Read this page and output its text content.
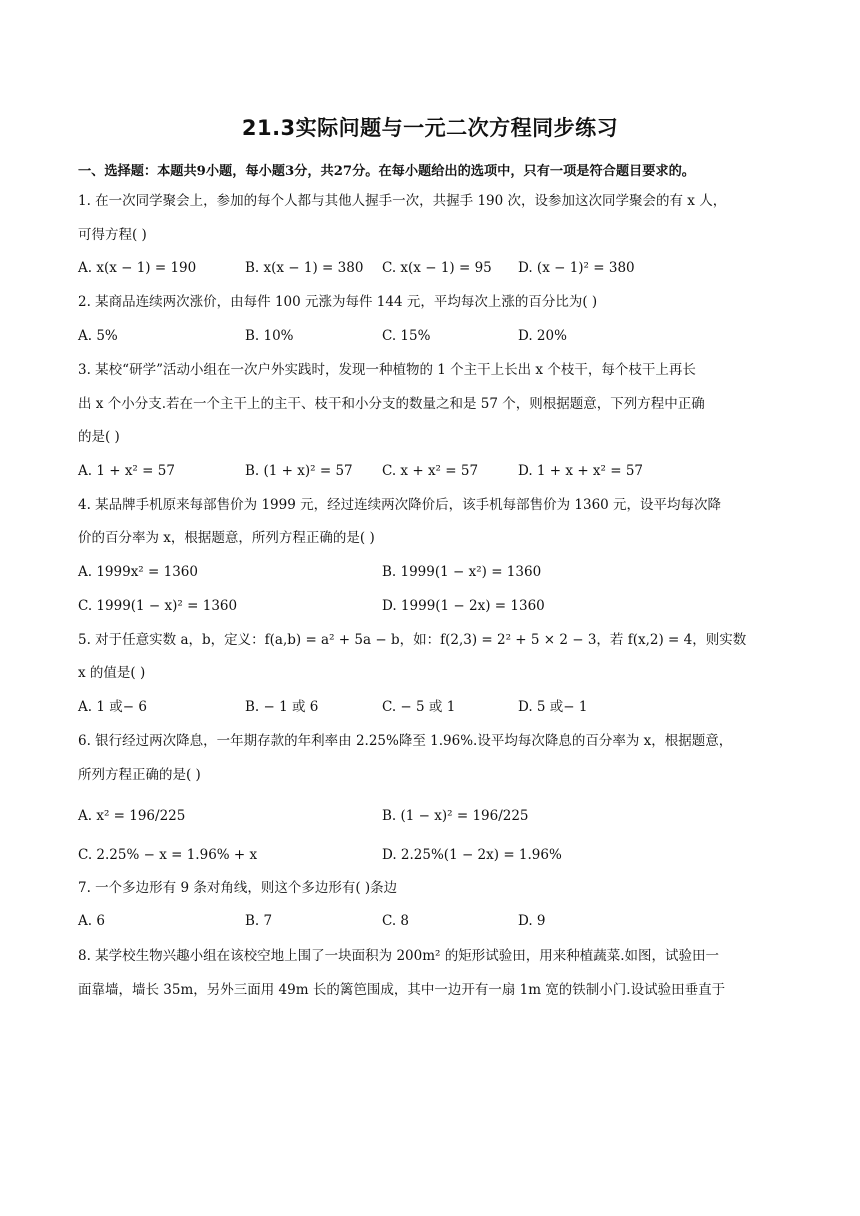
21.3实际问题与一元二次方程同步练习
一、选择题：本题共9小题，每小题3分，共27分。在每小题给出的选项中，只有一项是符合题目要求的。
1. 在一次同学聚会上，参加的每个人都与其他人握手一次，共握手 190 次，设参加这次同学聚会的有 x 人，
可得方程( )
A. x(x − 1) = 190	B. x(x − 1) = 380 C. x(x − 1) = 95 D. (x − 1)² = 380
2. 某商品连续两次涨价，由每件 100 元涨为每件 144 元，平均每次上涨的百分比为( )
A. 5%	B. 10%	C. 15%	D. 20%
3. 某校“研学”活动小组在一次户外实践时，发现一种植物的 1 个主干上长出 x 个枝干，每个枝干上再长
出 x 个小分支.若在一个主干上的主干、枝干和小分支的数量之和是 57 个，则根据题意，下列方程中正确
的是( )
A. 1 + x² = 57	B. (1 + x)² = 57 C. x + x² = 57	D. 1 + x + x² = 57
4. 某品牌手机原来每部售价为 1999 元，经过连续两次降价后，该手机每部售价为 1360 元，设平均每次降
价的百分率为 x，根据题意，所列方程正确的是( )
A. 1999x² = 1360	B. 1999(1 − x²) = 1360
C. 1999(1 − x)² = 1360	D. 1999(1 − 2x) = 1360
5. 对于任意实数 a，b，定义：f(a,b) = a² + 5a − b，如：f(2,3) = 2² + 5 × 2 − 3，若 f(x,2) = 4，则实数
x 的值是( )
A. 1 或− 6	B. − 1 或 6	C. − 5 或 1	D. 5 或− 1
6. 银行经过两次降息，一年期存款的年利率由 2.25%降至 1.96%.设平均每次降息的百分率为 x，根据题意，
所列方程正确的是( )
A. x² = 196/225	B. (1 − x)² = 196/225
C. 2.25% − x = 1.96% + x	D. 2.25%(1 − 2x) = 1.96%
7. 一个多边形有 9 条对角线，则这个多边形有( )条边
A. 6	B. 7	C. 8	D. 9
8. 某学校生物兴趣小组在该校空地上围了一块面积为 200m² 的矩形试验田，用来种植蔬菜.如图，试验田一
面靠墙，墙长 35m，另外三面用 49m 长的篱笆围成，其中一边开有一扇 1m 宽的铁制小门.设试验田垂直于
